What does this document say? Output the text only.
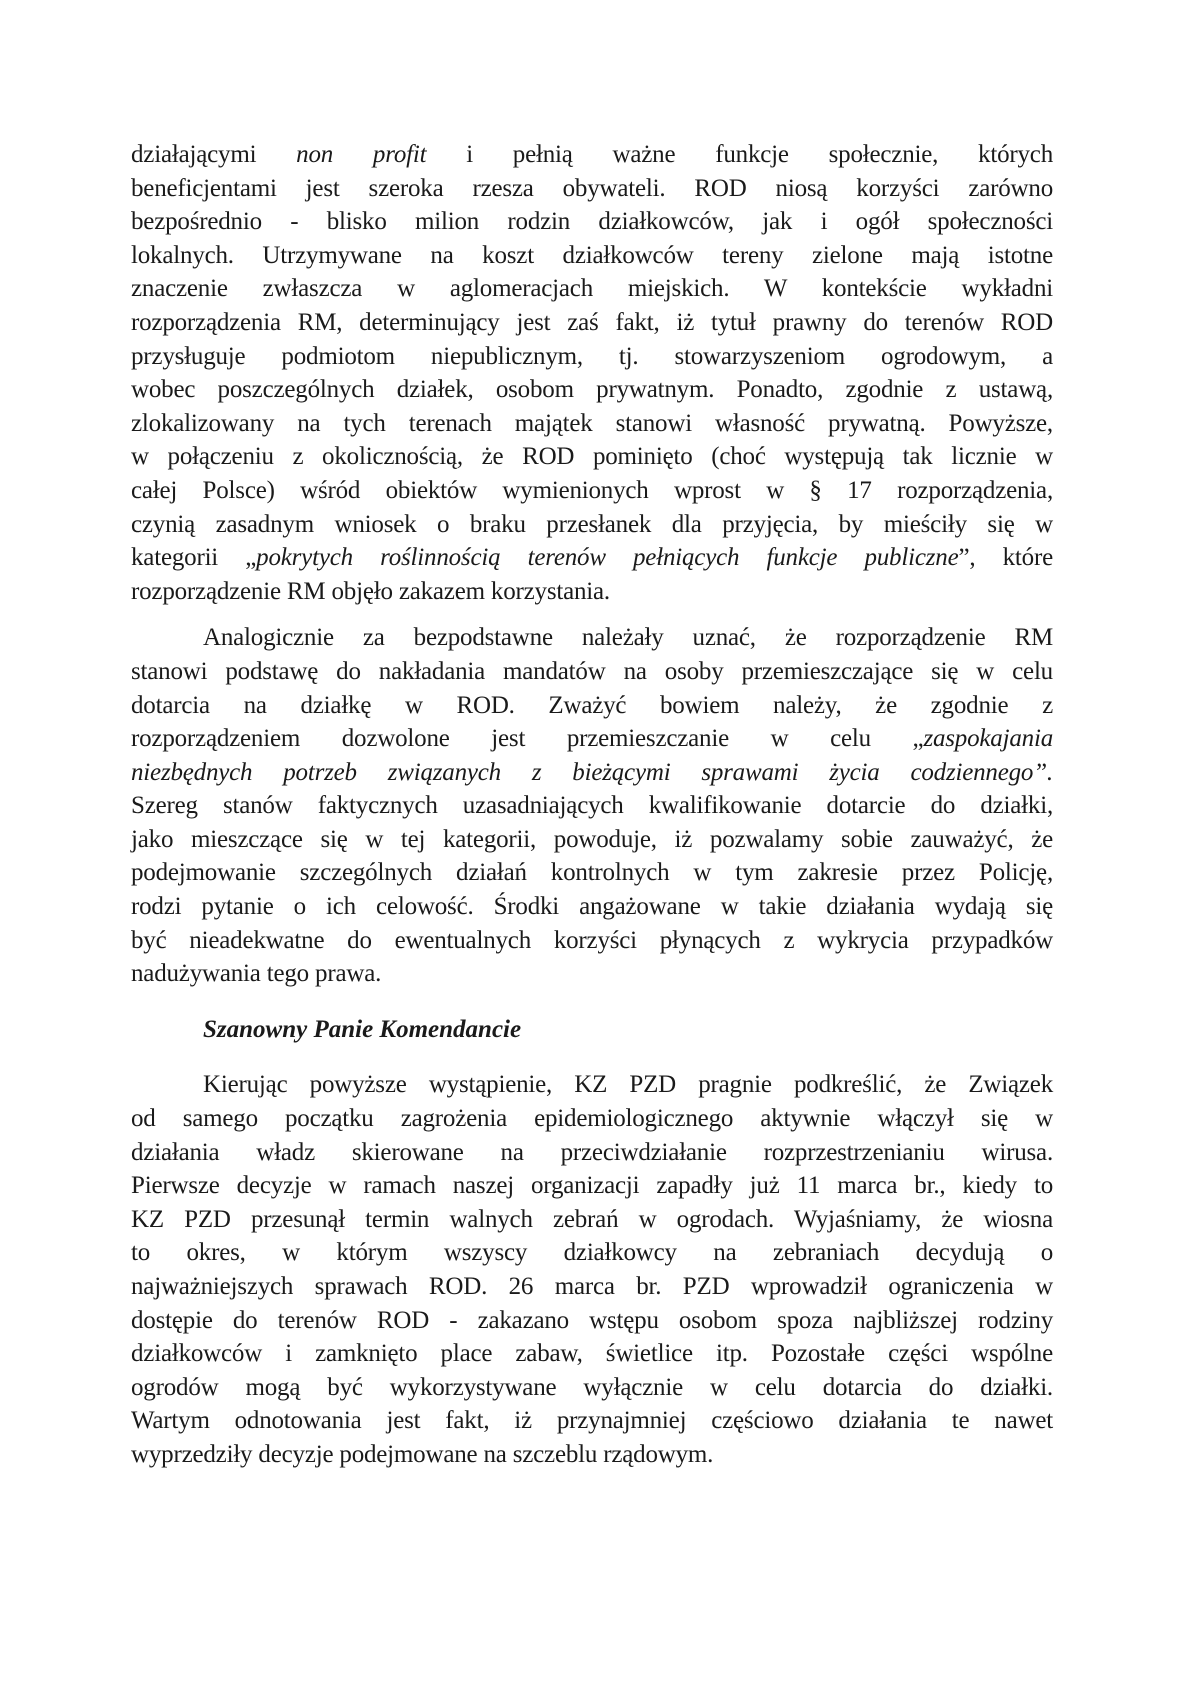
działającymi non profit i pełnią ważne funkcje społecznie, których
beneficjentami jest szeroka rzesza obywateli. ROD niosą korzyści zarówno
bezpośrednio - blisko milion rodzin działkowców, jak i ogół społeczności
lokalnych. Utrzymywane na koszt działkowców tereny zielone mają istotne
znaczenie zwłaszcza w aglomeracjach miejskich. W kontekście wykładni
rozporządzenia RM, determinujący jest zaś fakt, iż tytuł prawny do terenów ROD
przysługuje podmiotom niepublicznym, tj. stowarzyszeniom ogrodowym, a
wobec poszczególnych działek, osobom prywatnym. Ponadto, zgodnie z ustawą,
zlokalizowany na tych terenach majątek stanowi własność prywatną. Powyższe,
w połączeniu z okolicznością, że ROD pominięto (choć występują tak licznie w
całej Polsce) wśród obiektów wymienionych wprost w § 17 rozporządzenia,
czynią zasadnym wniosek o braku przesłanek dla przyjęcia, by mieściły się w
kategorii „pokrytych roślinnością terenów pełniących funkcje publiczne”, które
rozporządzenie RM objęło zakazem korzystania.
Analogicznie za bezpodstawne należały uznać, że rozporządzenie RM
stanowi podstawę do nakładania mandatów na osoby przemieszczające się w celu
dotarcia na działkę w ROD. Zważyć bowiem należy, że zgodnie z
rozporządzeniem dozwolone jest przemieszczanie w celu „zaspokajania
niezbędnych potrzeb związanych z bieżącymi sprawami życia codziennego”.
Szereg stanów faktycznych uzasadniających kwalifikowanie dotarcie do działki,
jako mieszczące się w tej kategorii, powoduje, iż pozwalamy sobie zauważyć, że
podejmowanie szczególnych działań kontrolnych w tym zakresie przez Policję,
rodzi pytanie o ich celowość. Środki angażowane w takie działania wydają się
być nieadekwatne do ewentualnych korzyści płynących z wykrycia przypadków
nadużywania tego prawa.
Szanowny Panie Komendancie
Kierując powyższe wystąpienie, KZ PZD pragnie podkreślić, że Związek
od samego początku zagrożenia epidemiologicznego aktywnie włączył się w
działania władz skierowane na przeciwdziałanie rozprzestrzenianiu wirusa.
Pierwsze decyzje w ramach naszej organizacji zapadły już 11 marca br., kiedy to
KZ PZD przesunął termin walnych zebrań w ogrodach. Wyjaśniamy, że wiosna
to okres, w którym wszyscy działkowcy na zebraniach decydują o
najważniejszych sprawach ROD. 26 marca br. PZD wprowadził ograniczenia w
dostępie do terenów ROD - zakazano wstępu osobom spoza najbliższej rodziny
działkowców i zamknięto place zabaw, świetlice itp. Pozostałe części wspólne
ogrodów mogą być wykorzystywane wyłącznie w celu dotarcia do działki.
Wartym odnotowania jest fakt, iż przynajmniej częściowo działania te nawet
wyprzedziły decyzje podejmowane na szczeblu rządowym.
